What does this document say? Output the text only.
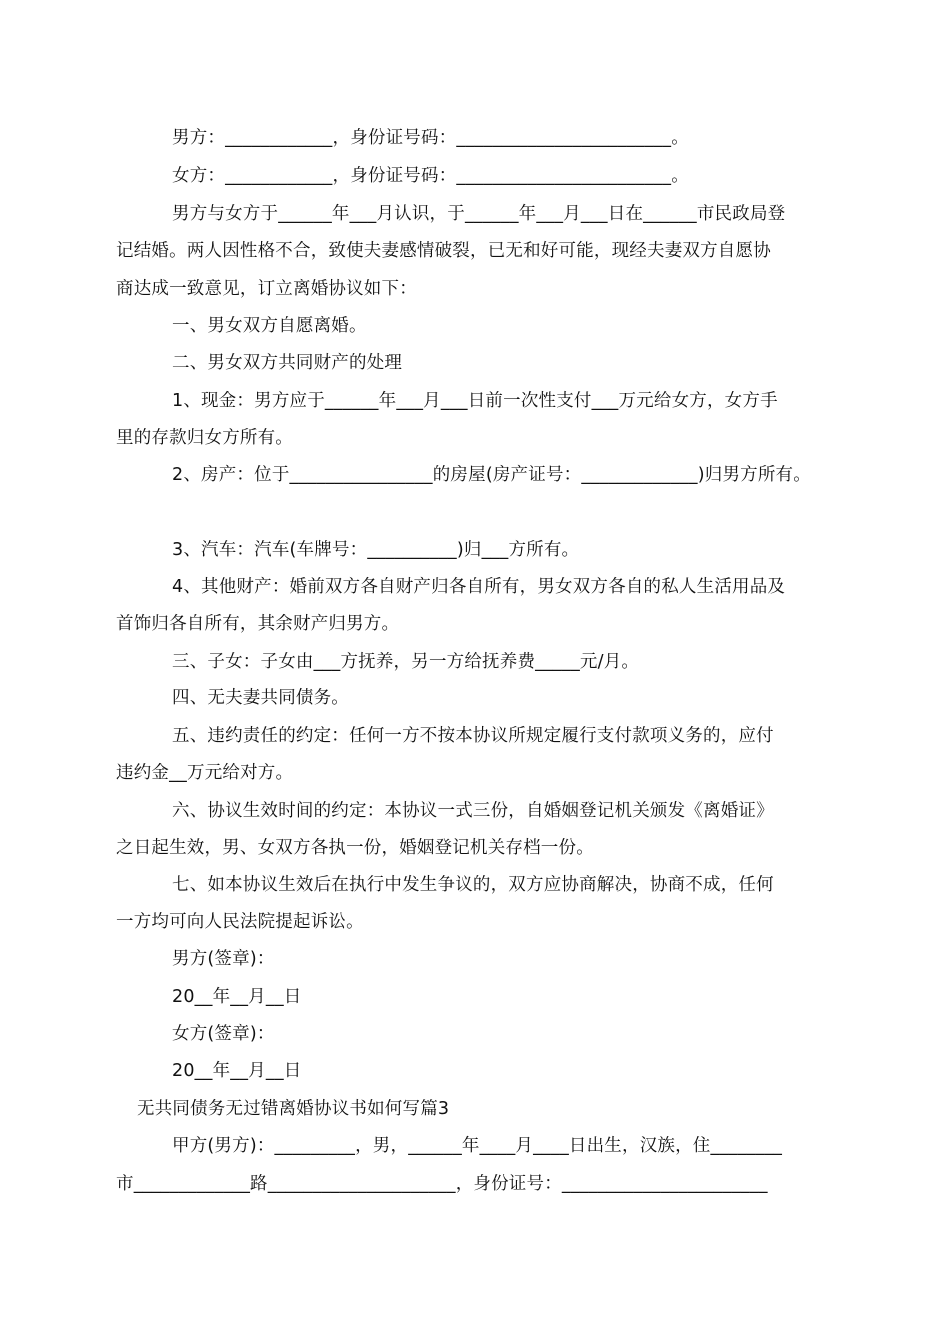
男方：____________，身份证号码：________________________。
女方：____________，身份证号码：________________________。
男方与女方于______年___月认识，于______年___月___日在______市民政局登
记结婚。两人因性格不合，致使夫妻感情破裂，已无和好可能，现经夫妻双方自愿协
商达成一致意见，订立离婚协议如下：
一、男女双方自愿离婚。
二、男女双方共同财产的处理
1、现金：男方应于______年___月___日前一次性支付___万元给女方，女方手
里的存款归女方所有。
2、房产：位于________________的房屋(房产证号：_____________)归男方所有。
3、汽车：汽车(车牌号：__________)归___方所有。
4、其他财产：婚前双方各自财产归各自所有，男女双方各自的私人生活用品及
首饰归各自所有，其余财产归男方。
三、子女：子女由___方抚养，另一方给抚养费_____元/月。
四、无夫妻共同债务。
五、违约责任的约定：任何一方不按本协议所规定履行支付款项义务的，应付
违约金__万元给对方。
六、协议生效时间的约定：本协议一式三份，自婚姻登记机关颁发《离婚证》
之日起生效，男、女双方各执一份，婚姻登记机关存档一份。
七、如本协议生效后在执行中发生争议的，双方应协商解决，协商不成，任何
一方均可向人民法院提起诉讼。
男方(签章)：
20__年__月__日
女方(签章)：
20__年__月__日
无共同债务无过错离婚协议书如何写篇3
甲方(男方)：_________，男，______年____月____日出生，汉族，住________
市_____________路_____________________，身份证号：_______________________
